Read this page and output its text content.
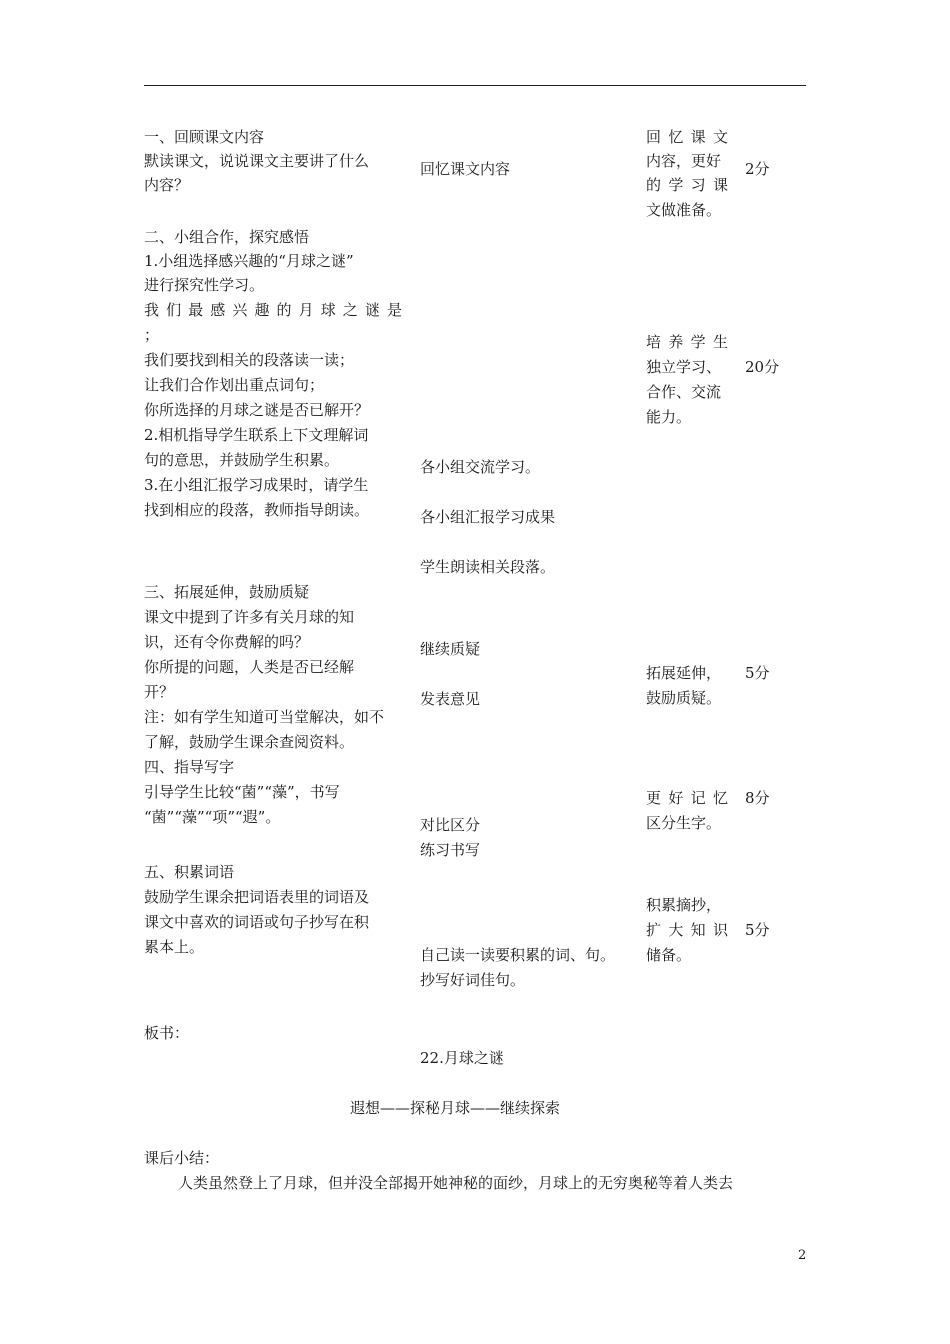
一、回顾课文内容
默读课文，说说课文主要讲了什么
内容？
二、小组合作，探究感悟
1.小组选择感兴趣的“月球之谜”
进行探究性学习。
我们最感兴趣的月球之谜是
；
我们要找到相关的段落读一读；
让我们合作划出重点词句；
你所选择的月球之谜是否已解开？
2.相机指导学生联系上下文理解词
句的意思，并鼓励学生积累。
3.在小组汇报学习成果时，请学生
找到相应的段落，教师指导朗读。
三、拓展延伸，鼓励质疑
课文中提到了许多有关月球的知
识，还有令你费解的吗？
你所提的问题，人类是否已经解
开？
注：如有学生知道可当堂解决，如不
了解，鼓励学生课余查阅资料。
四、指导写字
引导学生比较“菌”“藻”，书写
“菌”“藻”“项”“遐”。
五、积累词语
鼓励学生课余把词语表里的词语及
课文中喜欢的词语或句子抄写在积
累本上。
回忆课文内容
各小组交流学习。
各小组汇报学习成果
学生朗读相关段落。
继续质疑
发表意见
对比区分
练习书写
自己读一读要积累的词、句。
抄写好词佳句。
回忆课文
内容，更好
的学习课
文做准备。
培养学生
独立学习、
合作、交流
能力。
拓展延伸，
鼓励质疑。
更好记忆
区分生字。
积累摘抄，
扩大知识
储备。
2分
20分
5分
8分
5分
板书：
22.月球之谜
遐想——探秘月球——继续探索
课后小结：
人类虽然登上了月球，但并没全部揭开她神秘的面纱，月球上的无穷奥秘等着人类去
2
